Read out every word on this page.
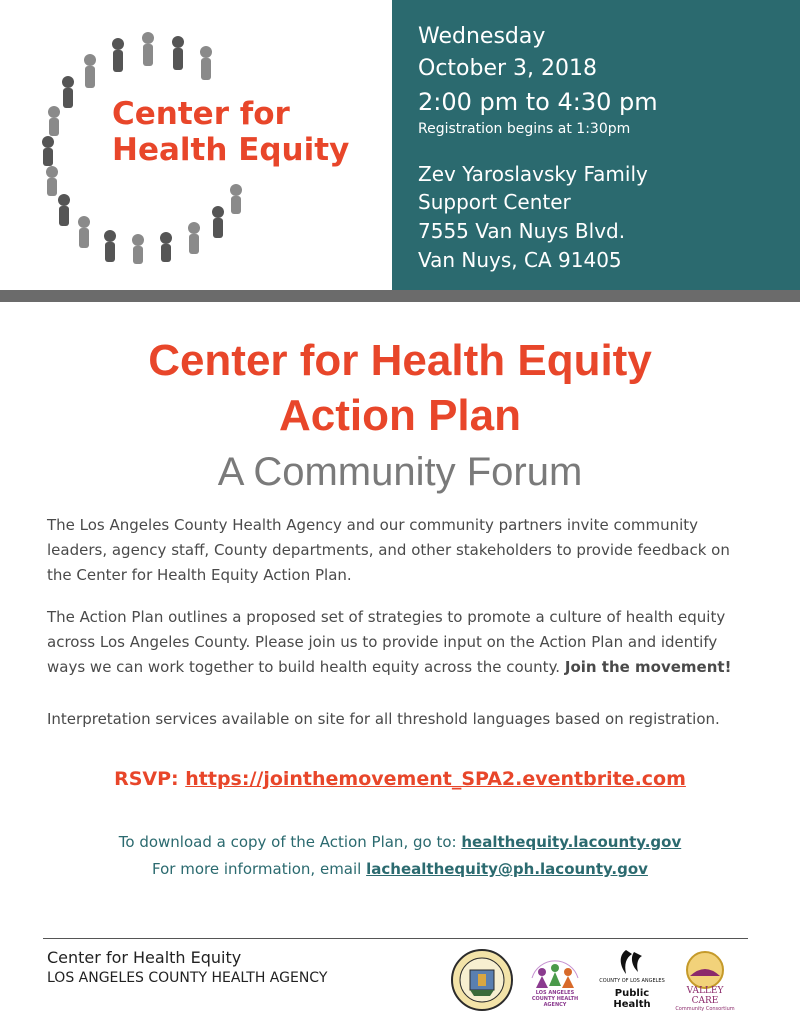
Center for
Health Equity
Wednesday
October 3, 2018
2:00 pm to 4:30 pm
Registration begins at 1:30pm
Zev Yaroslavsky Family
Support Center
7555 Van Nuys Blvd.
Van Nuys, CA 91405
Center for Health Equity
Action Plan
A Community Forum
The Los Angeles County Health Agency and our community partners invite community leaders, agency staff, County departments, and other stakeholders to provide feedback on the Center for Health Equity Action Plan.
The Action Plan outlines a proposed set of strategies to promote a culture of health equity across Los Angeles County. Please join us to provide input on the Action Plan and identify ways we can work together to build health equity across the county. Join the movement!
Interpretation services available on site for all threshold languages based on registration.
RSVP: https://jointhemovement_SPA2.eventbrite.com
To download a copy of the Action Plan, go to: healthequity.lacounty.gov
For more information, email lachealthequity@ph.lacounty.gov
Center for Health Equity
LOS ANGELES COUNTY HEALTH AGENCY
LOS ANGELES COUNTY HEALTH AGENCY
COUNTY OF LOS ANGELES
Public Health
VALLEY CARE
Community Consortium
